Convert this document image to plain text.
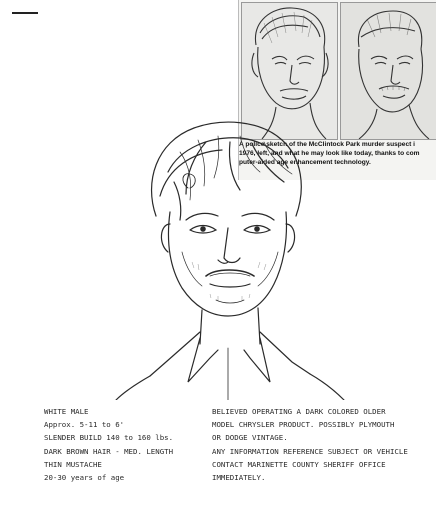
A police sketch of the McClintock Park murder suspect i
1976, left, and what he may look like today, thanks to com
puter-aided age enhancement technology.
WHITE MALE
Approx. 5-11 to 6'
SLENDER BUILD 140 to 160 lbs.
DARK BROWN HAIR - MED. LENGTH
THIN MUSTACHE
20-30 years of age
BELIEVED OPERATING A DARK COLORED OLDER
MODEL CHRYSLER PRODUCT. POSSIBLY PLYMOUTH
OR DODGE VINTAGE.
ANY INFORMATION REFERENCE SUBJECT OR VEHICLE
CONTACT MARINETTE COUNTY SHERIFF OFFICE
IMMEDIATELY.
